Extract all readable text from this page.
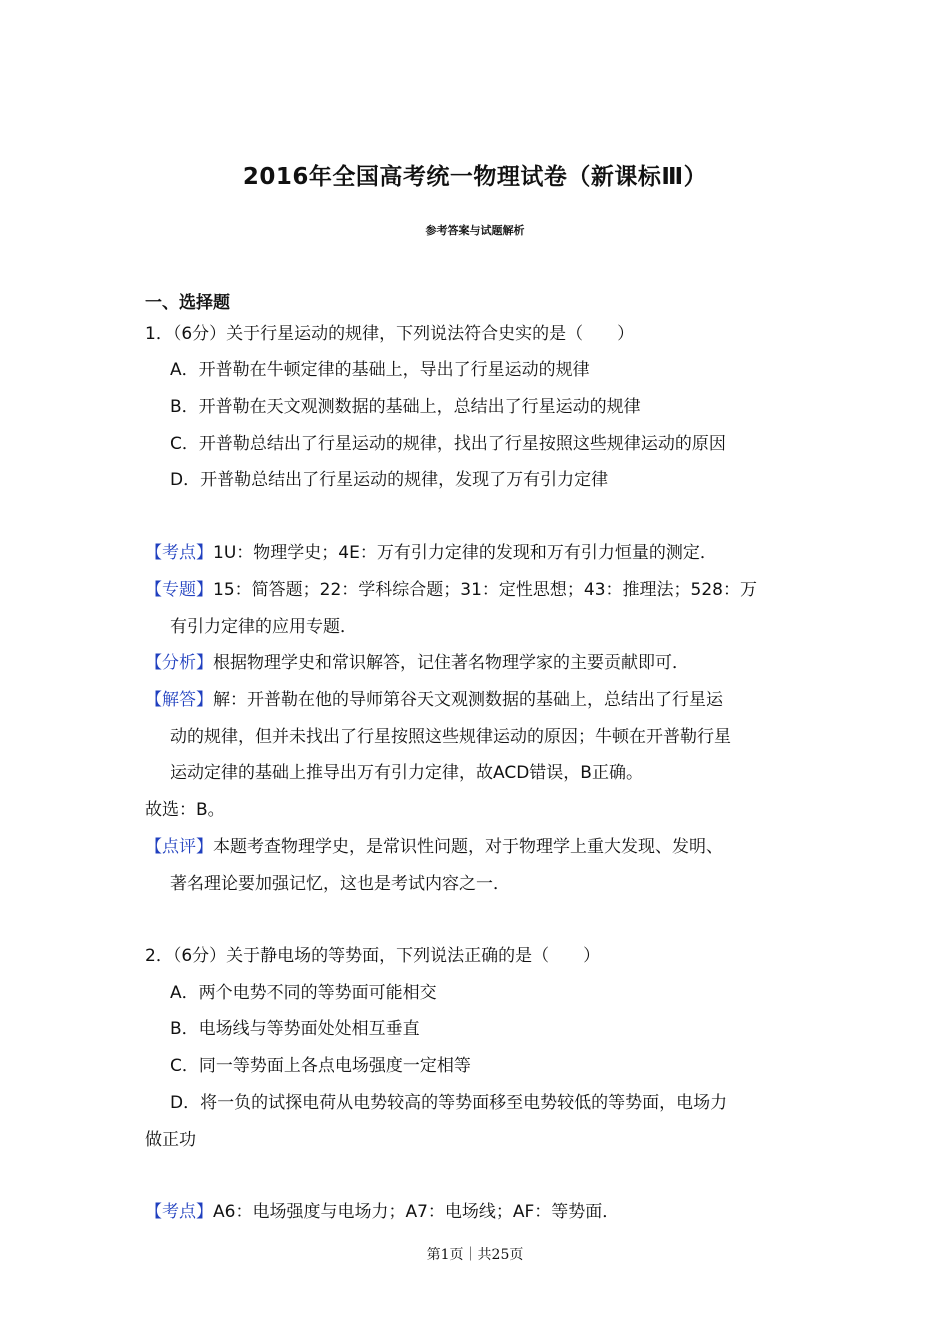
2016年全国高考统一物理试卷（新课标Ⅲ）
参考答案与试题解析
一、选择题
1．（6分）关于行星运动的规律，下列说法符合史实的是（　　）
A．开普勒在牛顿定律的基础上，导出了行星运动的规律
B．开普勒在天文观测数据的基础上，总结出了行星运动的规律
C．开普勒总结出了行星运动的规律，找出了行星按照这些规律运动的原因
D．开普勒总结出了行星运动的规律，发现了万有引力定律
【考点】1U：物理学史；4E：万有引力定律的发现和万有引力恒量的测定．
【专题】15：简答题；22：学科综合题；31：定性思想；43：推理法；528：万
有引力定律的应用专题．
【分析】根据物理学史和常识解答，记住著名物理学家的主要贡献即可．
【解答】解：开普勒在他的导师第谷天文观测数据的基础上，总结出了行星运
动的规律，但并未找出了行星按照这些规律运动的原因；牛顿在开普勒行星
运动定律的基础上推导出万有引力定律，故ACD错误，B正确。
故选：B。
【点评】本题考查物理学史，是常识性问题，对于物理学上重大发现、发明、
著名理论要加强记忆，这也是考试内容之一．
2．（6分）关于静电场的等势面，下列说法正确的是（　　）
A．两个电势不同的等势面可能相交
B．电场线与等势面处处相互垂直
C．同一等势面上各点电场强度一定相等
D．将一负的试探电荷从电势较高的等势面移至电势较低的等势面，电场力
做正功
【考点】A6：电场强度与电场力；A7：电场线；AF：等势面．
第1页｜共25页
